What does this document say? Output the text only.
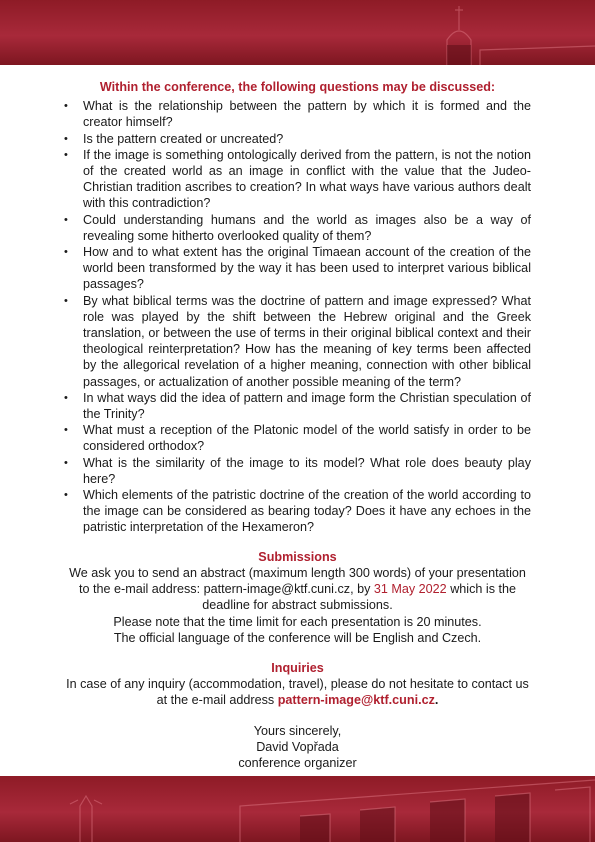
Within the conference, the following questions may be discussed:
• What is the relationship between the pattern by which it is formed and the creator himself?
• Is the pattern created or uncreated?
• If the image is something ontologically derived from the pattern, is not the notion of the created world as an image in conflict with the value that the Judeo-Christian tradition ascribes to creation? In what ways have various authors dealt with this contradiction?
• Could understanding humans and the world as images also be a way of revealing some hitherto overlooked quality of them?
• How and to what extent has the original Timaean account of the creation of the world been transformed by the way it has been used to interpret various biblical passages?
• By what biblical terms was the doctrine of pattern and image expressed? What role was played by the shift between the Hebrew original and the Greek translation, or between the use of terms in their original biblical context and their theological reinterpretation? How has the meaning of key terms been affected by the allegorical revelation of a higher meaning, connection with other biblical passages, or actualization of another possible meaning of the term?
• In what ways did the idea of pattern and image form the Christian speculation of the Trinity?
• What must a reception of the Platonic model of the world satisfy in order to be considered orthodox?
• What is the similarity of the image to its model? What role does beauty play here?
• Which elements of the patristic doctrine of the creation of the world according to the image can be considered as bearing today? Does it have any echoes in the patristic interpretation of the Hexameron?
Submissions

We ask you to send an abstract (maximum length 300 words) of your presentation to the e-mail address: pattern-image@ktf.cuni.cz, by 31 May 2022 which is the deadline for abstract submissions.

Please note that the time limit for each presentation is 20 minutes.

The official language of the conference will be English and Czech.

Inquiries

In case of any inquiry (accommodation, travel), please do not hesitate to contact us at the e-mail address pattern-image@ktf.cuni.cz.

Yours sincerely,
David Vopřada
conference organizer
